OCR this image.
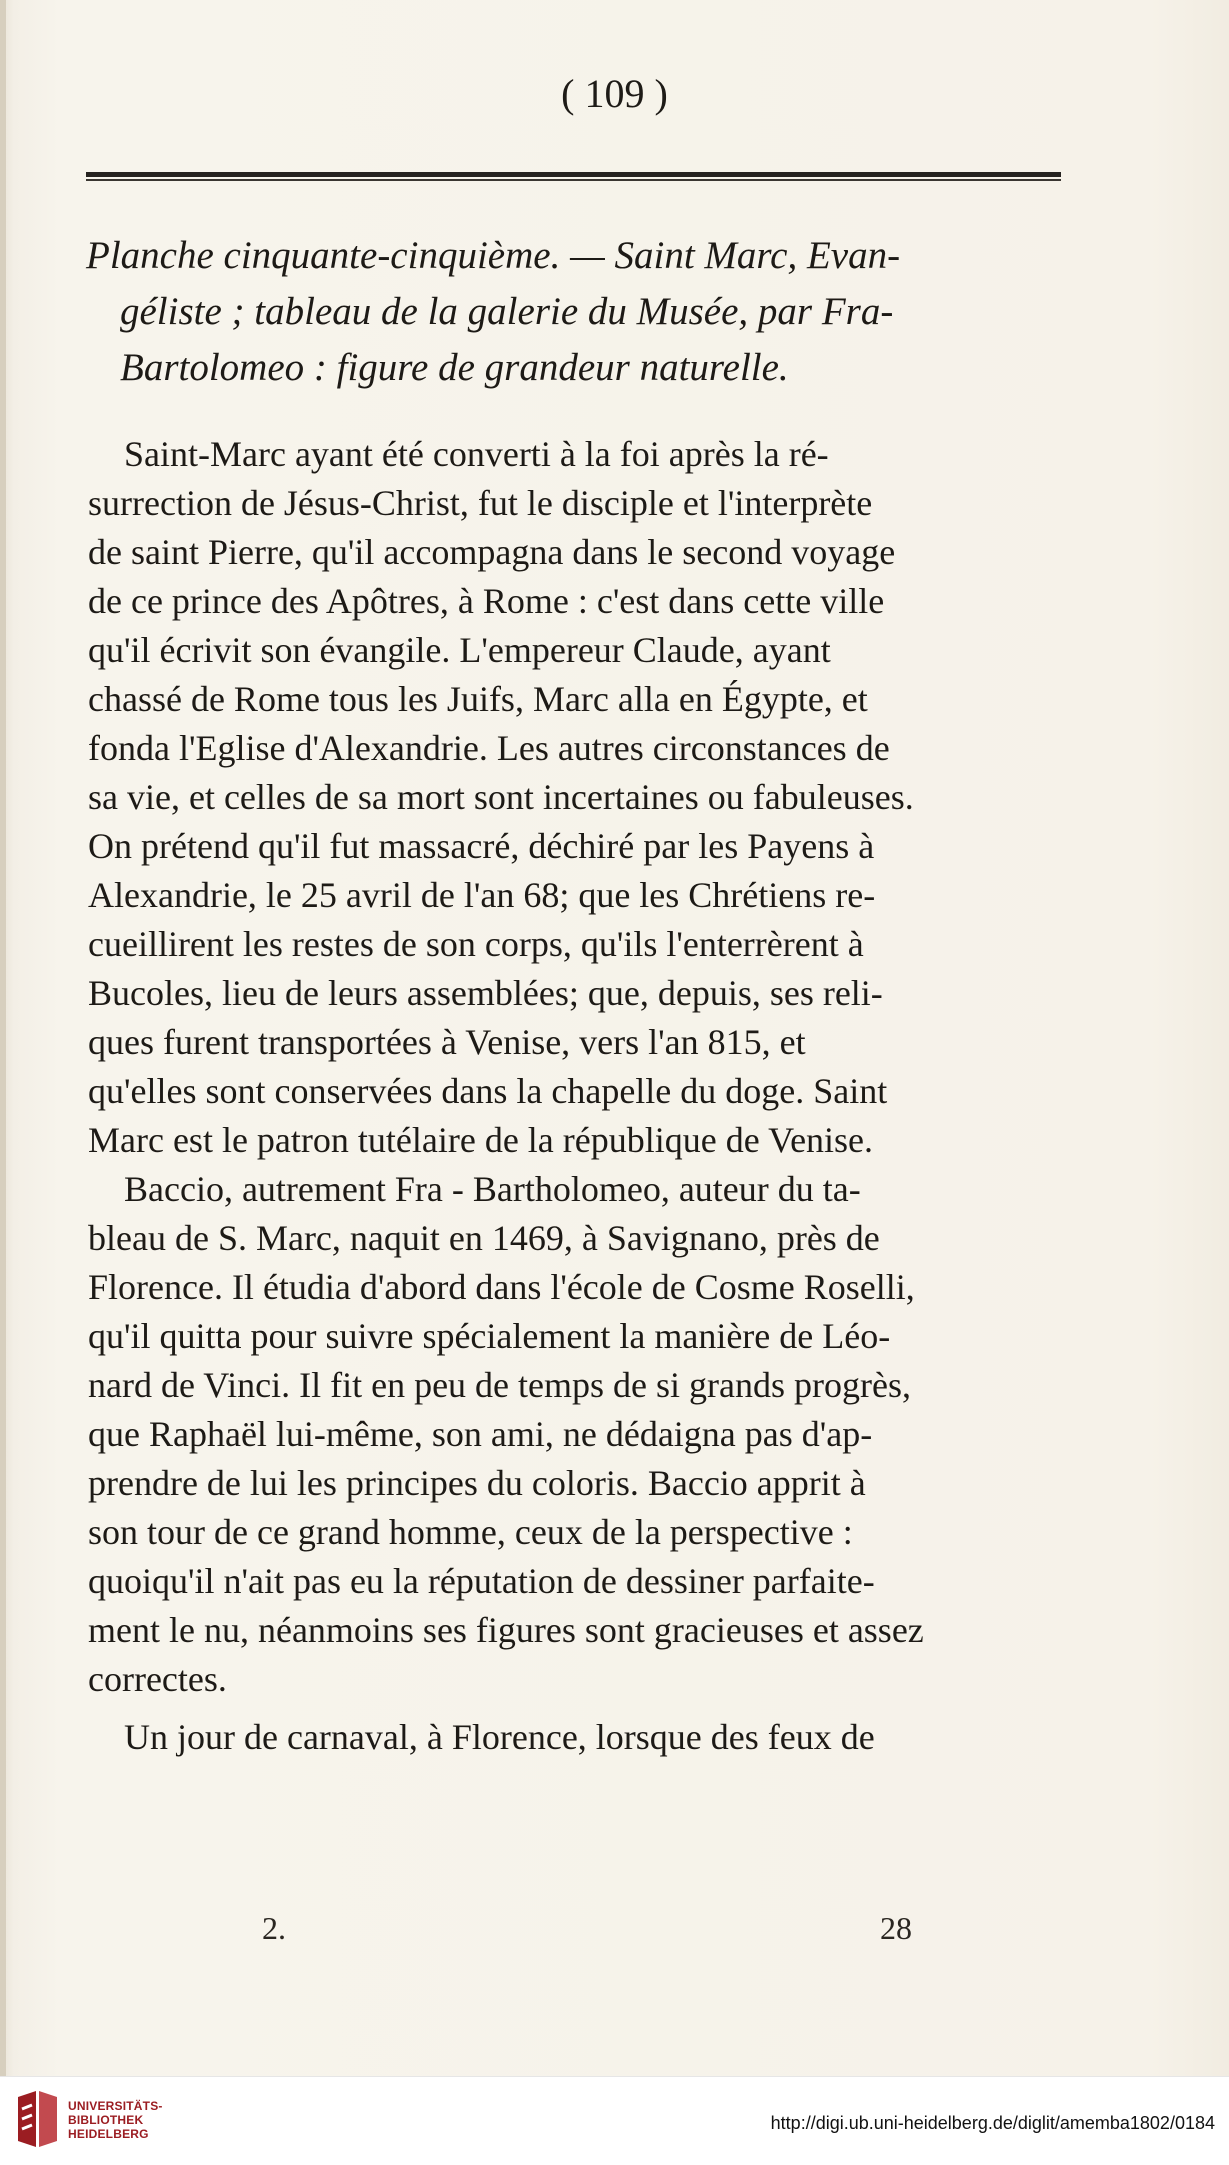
( 109 )
Planche cinquante-cinquième. — Saint Marc, Evan-
géliste ; tableau de la galerie du Musée, par Fra-
Bartolomeo : figure de grandeur naturelle.
Saint-Marc ayant été converti à la foi après la ré-
surrection de Jésus-Christ, fut le disciple et l'interprète
de saint Pierre, qu'il accompagna dans le second voyage
de ce prince des Apôtres, à Rome : c'est dans cette ville
qu'il écrivit son évangile. L'empereur Claude, ayant
chassé de Rome tous les Juifs, Marc alla en Égypte, et
fonda l'Eglise d'Alexandrie. Les autres circonstances de
sa vie, et celles de sa mort sont incertaines ou fabuleuses.
On prétend qu'il fut massacré, déchiré par les Payens à
Alexandrie, le 25 avril de l'an 68; que les Chrétiens re-
cueillirent les restes de son corps, qu'ils l'enterrèrent à
Bucoles, lieu de leurs assemblées; que, depuis, ses reli-
ques furent transportées à Venise, vers l'an 815, et
qu'elles sont conservées dans la chapelle du doge. Saint
Marc est le patron tutélaire de la république de Venise.
Baccio, autrement Fra - Bartholomeo, auteur du ta-
bleau de S. Marc, naquit en 1469, à Savignano, près de
Florence. Il étudia d'abord dans l'école de Cosme Roselli,
qu'il quitta pour suivre spécialement la manière de Léo-
nard de Vinci. Il fit en peu de temps de si grands progrès,
que Raphaël lui-même, son ami, ne dédaigna pas d'ap-
prendre de lui les principes du coloris. Baccio apprit à
son tour de ce grand homme, ceux de la perspective :
quoiqu'il n'ait pas eu la réputation de dessiner parfaite-
ment le nu, néanmoins ses figures sont gracieuses et assez
correctes.
Un jour de carnaval, à Florence, lorsque des feux de
2.	28
UNIVERSITÄTS-
BIBLIOTHEK
HEIDELBERG
http://digi.ub.uni-heidelberg.de/diglit/amemba1802/0184
